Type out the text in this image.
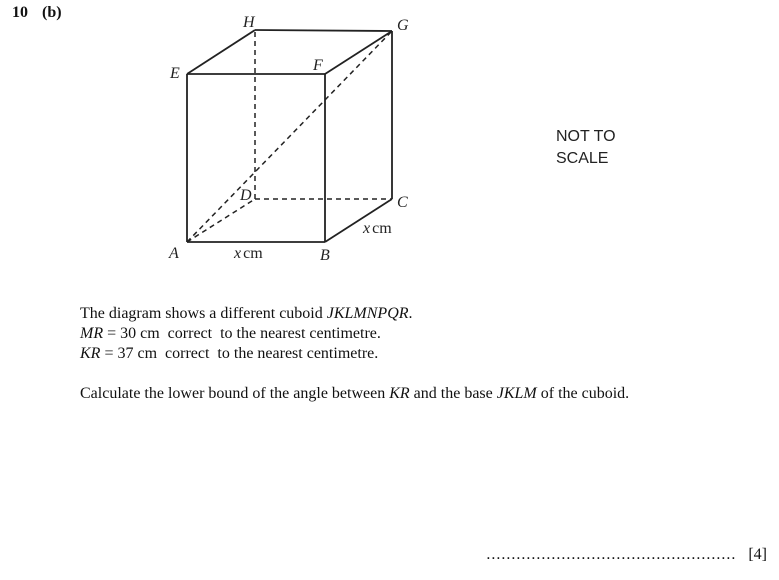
10 (b)
H	G
E	F
D	C
A	B
x cm
x cm
NOT TO
SCALE
The diagram shows a different cuboid JKLMNPQR.
MR = 30 cm  correct  to the nearest centimetre.
KR = 37 cm  correct  to the nearest centimetre.
Calculate the lower bound of the angle between KR and the base JKLM of the cuboid.
.................................................. [4]
